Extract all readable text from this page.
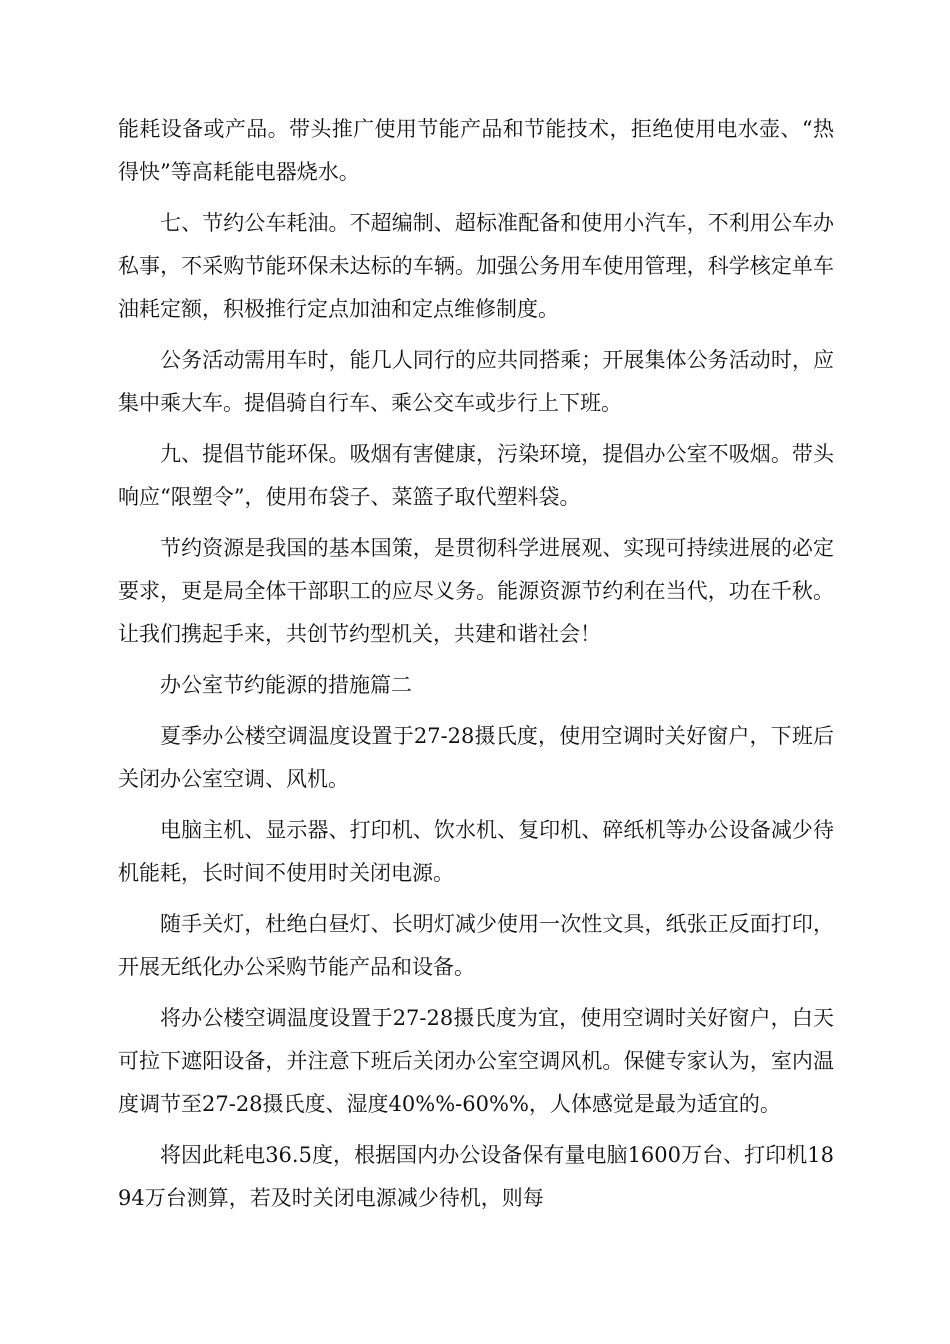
能耗设备或产品。带头推广使用节能产品和节能技术，拒绝使用电水壶、“热得快”等高耗能电器烧水。

七、节约公车耗油。不超编制、超标准配备和使用小汽车，不利用公车办私事，不采购节能环保未达标的车辆。加强公务用车使用管理，科学核定单车油耗定额，积极推行定点加油和定点维修制度。

公务活动需用车时，能几人同行的应共同搭乘；开展集体公务活动时，应集中乘大车。提倡骑自行车、乘公交车或步行上下班。

九、提倡节能环保。吸烟有害健康，污染环境，提倡办公室不吸烟。带头响应“限塑令”，使用布袋子、菜篮子取代塑料袋。

节约资源是我国的基本国策，是贯彻科学进展观、实现可持续进展的必定要求，更是局全体干部职工的应尽义务。能源资源节约利在当代，功在千秋。让我们携起手来，共创节约型机关，共建和谐社会！

办公室节约能源的措施篇二

夏季办公楼空调温度设置于27-28摄氏度，使用空调时关好窗户，下班后关闭办公室空调、风机。

电脑主机、显示器、打印机、饮水机、复印机、碎纸机等办公设备减少待机能耗，长时间不使用时关闭电源。

随手关灯，杜绝白昼灯、长明灯减少使用一次性文具，纸张正反面打印，开展无纸化办公采购节能产品和设备。

将办公楼空调温度设置于27-28摄氏度为宜，使用空调时关好窗户，白天可拉下遮阳设备，并注意下班后关闭办公室空调风机。保健专家认为，室内温度调节至27-28摄氏度、湿度40%%-60%%，人体感觉是最为适宜的。

将因此耗电36.5度，根据国内办公设备保有量电脑1600万台、打印机1894万台测算，若及时关闭电源减少待机，则每
